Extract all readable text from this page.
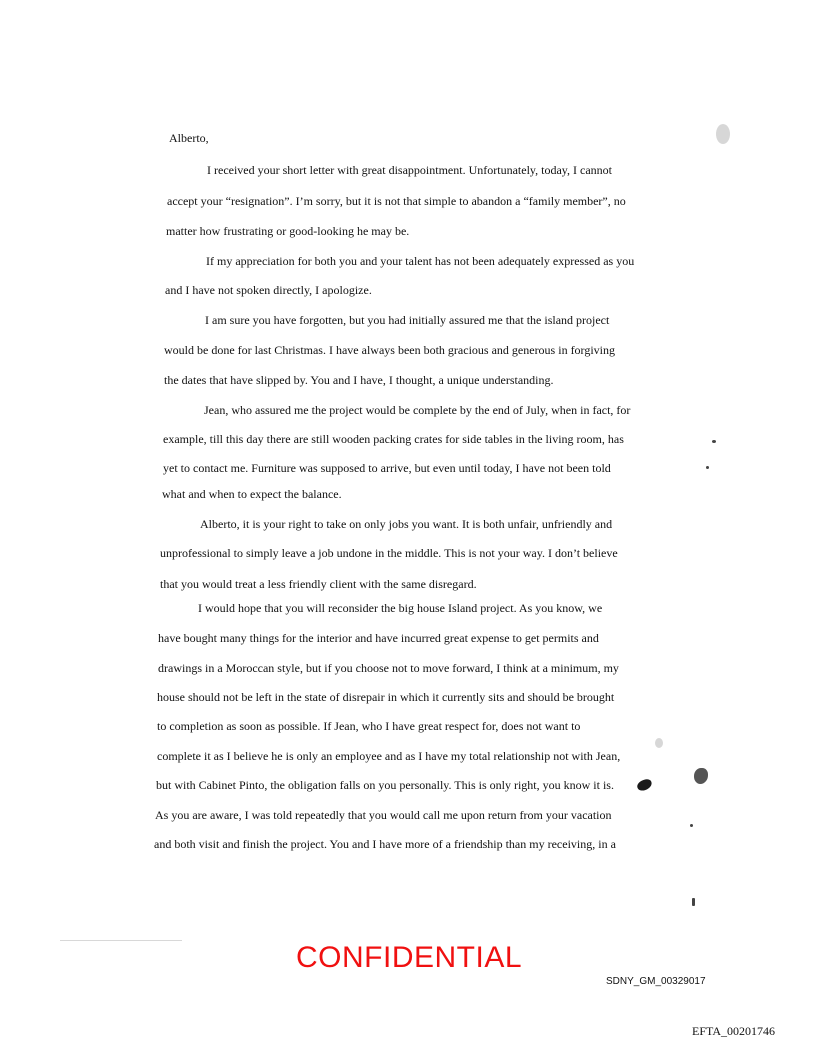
Alberto,

I received your short letter with great disappointment. Unfortunately, today, I cannot

accept your “resignation”. I’m sorry, but it is not that simple to abandon a “family member”, no

matter how frustrating or good-looking he may be.

If my appreciation for both you and your talent has not been adequately expressed as you

and I have not spoken directly, I apologize.

I am sure you have forgotten, but you had initially assured me that the island project

would be done for last Christmas. I have always been both gracious and generous in forgiving

the dates that have slipped by. You and I have, I thought, a unique understanding.

Jean, who assured me the project would be complete by the end of July, when in fact, for

example, till this day there are still wooden packing crates for side tables in the living room, has

yet to contact me. Furniture was supposed to arrive, but even until today, I have not been told

what and when to expect the balance.

Alberto, it is your right to take on only jobs you want. It is both unfair, unfriendly and

unprofessional to simply leave a job undone in the middle. This is not your way. I don’t believe

that you would treat a less friendly client with the same disregard.

I would hope that you will reconsider the big house Island project. As you know, we

have bought many things for the interior and have incurred great expense to get permits and

drawings in a Moroccan style, but if you choose not to move forward, I think at a minimum, my

house should not be left in the state of disrepair in which it currently sits and should be brought

to completion as soon as possible. If Jean, who I have great respect for, does not want to

complete it as I believe he is only an employee and as I have my total relationship not with Jean,

but with Cabinet Pinto, the obligation falls on you personally. This is only right, you know it is.

As you are aware, I was told repeatedly that you would call me upon return from your vacation

and both visit and finish the project. You and I have more of a friendship than my receiving, in a

CONFIDENTIAL

SDNY_GM_00329017

EFTA_00201746
